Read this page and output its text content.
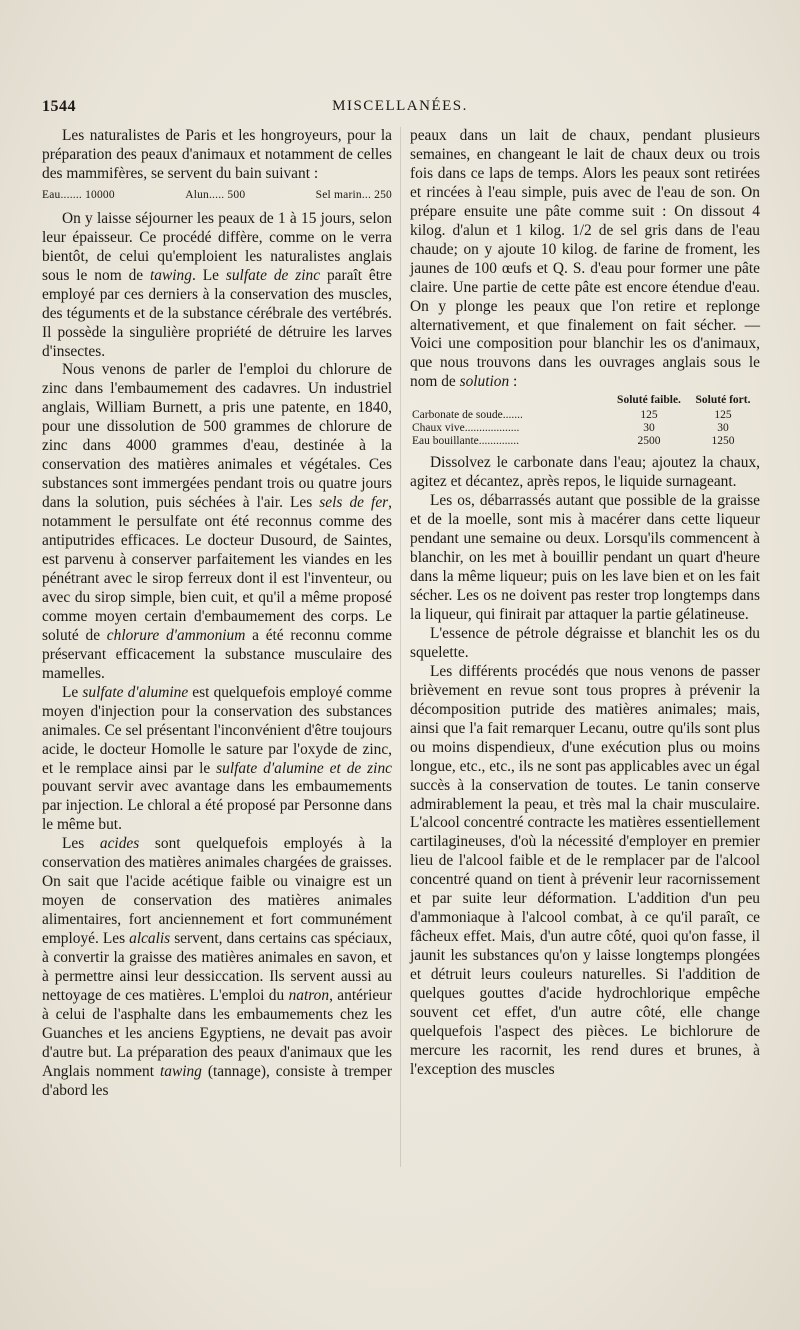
1544	MISCELLANÉES.

Les naturalistes de Paris et les hongroyeurs, pour la préparation des peaux d'animaux et notamment de celles des mammifères, se servent du bain suivant :

Eau....... 10000	Alun..... 500	Sel marin... 250

On y laisse séjourner les peaux de 1 à 15 jours, selon leur épaisseur. Ce procédé diffère, comme on le verra bientôt, de celui qu'emploient les naturalistes anglais sous le nom de tawing. Le sulfate de zinc paraît être employé par ces derniers à la conservation des muscles, des téguments et de la substance cérébrale des vertébrés. Il possède la singulière propriété de détruire les larves d'insectes.

Nous venons de parler de l'emploi du chlorure de zinc dans l'embaumement des cadavres. Un industriel anglais, William Burnett, a pris une patente, en 1840, pour une dissolution de 500 grammes de chlorure de zinc dans 4000 grammes d'eau, destinée à la conservation des matières animales et végétales. Ces substances sont immergées pendant trois ou quatre jours dans la solution, puis séchées à l'air. Les sels de fer, notamment le persulfate ont été reconnus comme des antiputrides efficaces. Le docteur Dusourd, de Saintes, est parvenu à conserver parfaitement les viandes en les pénétrant avec le sirop ferreux dont il est l'inventeur, ou avec du sirop simple, bien cuit, et qu'il a même proposé comme moyen certain d'embaumement des corps. Le soluté de chlorure d'ammonium a été reconnu comme préservant efficacement la substance musculaire des mamelles.

Le sulfate d'alumine est quelquefois employé comme moyen d'injection pour la conservation des substances animales. Ce sel présentant l'inconvénient d'être toujours acide, le docteur Homolle le sature par l'oxyde de zinc, et le remplace ainsi par le sulfate d'alumine et de zinc pouvant servir avec avantage dans les embaumements par injection. Le chloral a été proposé par Personne dans le même but.

Les acides sont quelquefois employés à la conservation des matières animales chargées de graisses. On sait que l'acide acétique faible ou vinaigre est un moyen de conservation des matières animales alimentaires, fort anciennement et fort communément employé. Les alcalis servent, dans certains cas spéciaux, à convertir la graisse des matières animales en savon, et à permettre ainsi leur dessiccation. Ils servent aussi au nettoyage de ces matières. L'emploi du natron, antérieur à celui de l'asphalte dans les embaumements chez les Guanches et les anciens Egyptiens, ne devait pas avoir d'autre but. La préparation des peaux d'animaux que les Anglais nomment tawing (tannage), consiste à tremper d'abord les

peaux dans un lait de chaux, pendant plusieurs semaines, en changeant le lait de chaux deux ou trois fois dans ce laps de temps. Alors les peaux sont retirées et rincées à l'eau simple, puis avec de l'eau de son. On prépare ensuite une pâte comme suit : On dissout 4 kilog. d'alun et 1 kilog. 1/2 de sel gris dans de l'eau chaude; on y ajoute 10 kilog. de farine de froment, les jaunes de 100 œufs et Q. S. d'eau pour former une pâte claire. Une partie de cette pâte est encore étendue d'eau. On y plonge les peaux que l'on retire et replonge alternativement, et que finalement on fait sécher. — Voici une composition pour blanchir les os d'animaux, que nous trouvons dans les ouvrages anglais sous le nom de solution :

	Soluté faible.	Soluté fort.
Carbonate de soude.......	125	125
Chaux vive...................	30	30
Eau bouillante..............	2500	1250

Dissolvez le carbonate dans l'eau; ajoutez la chaux, agitez et décantez, après repos, le liquide surnageant.

Les os, débarrassés autant que possible de la graisse et de la moelle, sont mis à macérer dans cette liqueur pendant une semaine ou deux. Lorsqu'ils commencent à blanchir, on les met à bouillir pendant un quart d'heure dans la même liqueur; puis on les lave bien et on les fait sécher. Les os ne doivent pas rester trop longtemps dans la liqueur, qui finirait par attaquer la partie gélatineuse.

L'essence de pétrole dégraisse et blanchit les os du squelette.

Les différents procédés que nous venons de passer brièvement en revue sont tous propres à prévenir la décomposition putride des matières animales; mais, ainsi que l'a fait remarquer Lecanu, outre qu'ils sont plus ou moins dispendieux, d'une exécution plus ou moins longue, etc., etc., ils ne sont pas applicables avec un égal succès à la conservation de toutes. Le tanin conserve admirablement la peau, et très mal la chair musculaire. L'alcool concentré contracte les matières essentiellement cartilagineuses, d'où la nécessité d'employer en premier lieu de l'alcool faible et de le remplacer par de l'alcool concentré quand on tient à prévenir leur racornissement et par suite leur déformation. L'addition d'un peu d'ammoniaque à l'alcool combat, à ce qu'il paraît, ce fâcheux effet. Mais, d'un autre côté, quoi qu'on fasse, il jaunit les substances qu'on y laisse longtemps plongées et détruit leurs couleurs naturelles. Si l'addition de quelques gouttes d'acide hydrochlorique empêche souvent cet effet, d'un autre côté, elle change quelquefois l'aspect des pièces. Le bichlorure de mercure les racornit, les rend dures et brunes, à l'exception des muscles
